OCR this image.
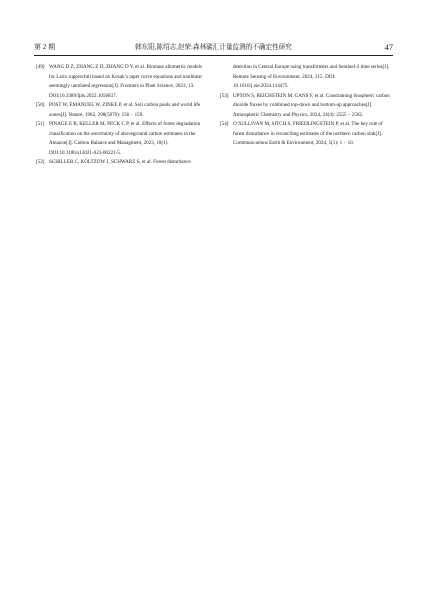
第 2 期	韩东阳,陈绍志,赵荣:森林碳汇计量监测的不确定性研究	47
[49] WANG D Z, ZHANG Z D, ZHANG D Y, et al. Biomass allometric models for Larix rupprechtii based on Kozak’s taper curve equations and nonlinear seemingly unrelated regression[J]. Frontiers in Plant Science, 2023, 13. DOI:10.3389/fpls.2022.1056837.
[50] POST W, EMANUEL W, ZINKE P, et al. Soil carbon pools and world life zones[J]. Nature, 1982, 298(5870): 156 − 159.
[51] PINAGE E R, KELLER M, PECK C P, et al. Effects of forest degradation classification on the uncertainty of aboveground carbon estimates in the Amazon[J]. Carbon Balance and Managment, 2023, 18(1). DOI:10.1186/s13021-023-00221-5.
[52] SCHILLER C, KÖLTZOW J, SCHWARZ S, et al. Forest disturbance
detection in Central Europe using transformers and Sentinel-2 time series[J]. Remote Sensing of Environment, 2024, 315. DOI: 10.1016/j.rse.2024.114475.
[53] UPTON S, REICHSTEIN M, GANS F, et al. Constraining biospheric carbon dioxide fluxes by combined top-down and bottom-up approaches[J]. Atmospheric Chemistry and Physics, 2024, 24(4): 2555 − 2582.
[54] O’SULLIVAN M, SITCH S, FRIEDLINGSTEIN P, et al. The key role of forest disturbance in reconciling estimates of the northern carbon sink[J]. Communications Earth & Environment, 2024, 5(1): 1 − 10.
